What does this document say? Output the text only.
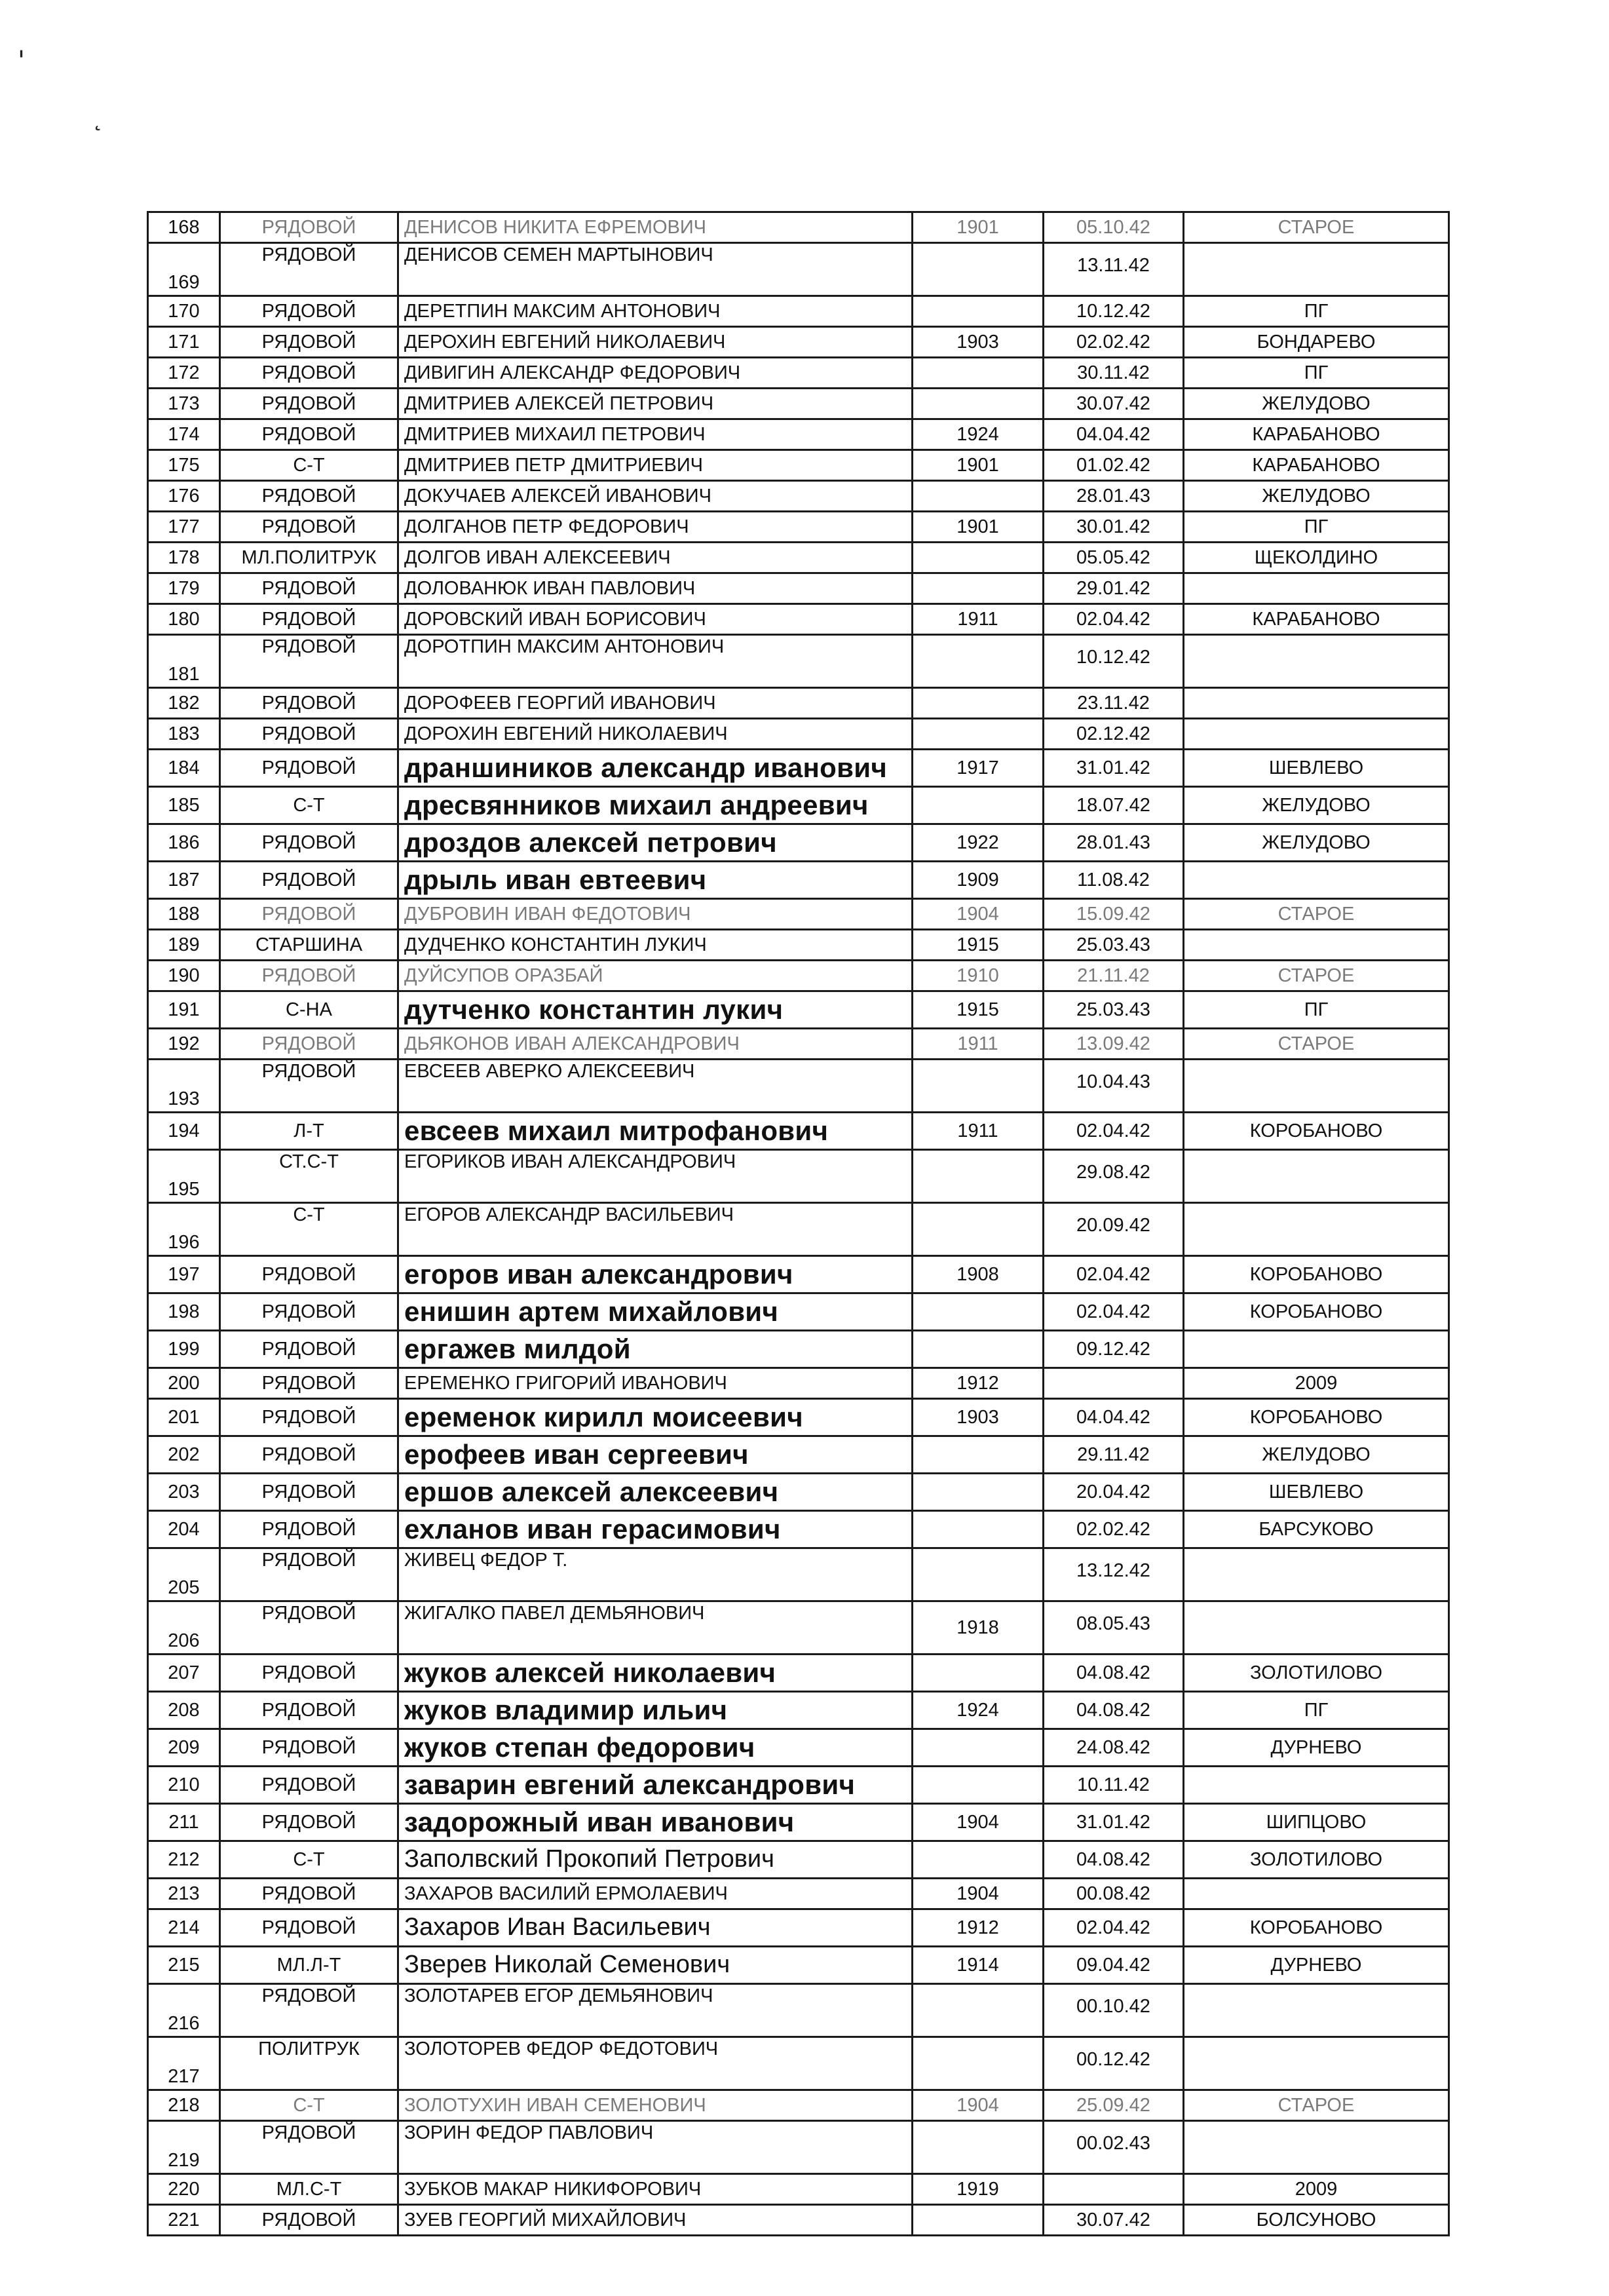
'
˛
168	РЯДОВОЙ	ДЕНИСОВ НИКИТА ЕФРЕМОВИЧ	1901	05.10.42	СТАРОЕ
169	РЯДОВОЙ	ДЕНИСОВ СЕМЕН МАРТЫНОВИЧ		13.11.42	
170	РЯДОВОЙ	ДЕРЕТПИН МАКСИМ АНТОНОВИЧ		10.12.42	ПГ
171	РЯДОВОЙ	ДЕРОХИН ЕВГЕНИЙ НИКОЛАЕВИЧ	1903	02.02.42	БОНДАРЕВО
172	РЯДОВОЙ	ДИВИГИН АЛЕКСАНДР ФЕДОРОВИЧ		30.11.42	ПГ
173	РЯДОВОЙ	ДМИТРИЕВ АЛЕКСЕЙ ПЕТРОВИЧ		30.07.42	ЖЕЛУДОВО
174	РЯДОВОЙ	ДМИТРИЕВ МИХАИЛ ПЕТРОВИЧ	1924	04.04.42	КАРАБАНОВО
175	С-Т	ДМИТРИЕВ ПЕТР ДМИТРИЕВИЧ	1901	01.02.42	КАРАБАНОВО
176	РЯДОВОЙ	ДОКУЧАЕВ АЛЕКСЕЙ ИВАНОВИЧ		28.01.43	ЖЕЛУДОВО
177	РЯДОВОЙ	ДОЛГАНОВ ПЕТР ФЕДОРОВИЧ	1901	30.01.42	ПГ
178	МЛ.ПОЛИТРУК	ДОЛГОВ ИВАН АЛЕКСЕЕВИЧ		05.05.42	ЩЕКОЛДИНО
179	РЯДОВОЙ	ДОЛОВАНЮК ИВАН ПАВЛОВИЧ		29.01.42	
180	РЯДОВОЙ	ДОРОВСКИЙ ИВАН БОРИСОВИЧ	1911	02.04.42	КАРАБАНОВО
181	РЯДОВОЙ	ДОРОТПИН МАКСИМ АНТОНОВИЧ		10.12.42	
182	РЯДОВОЙ	ДОРОФЕЕВ ГЕОРГИЙ ИВАНОВИЧ		23.11.42	
183	РЯДОВОЙ	ДОРОХИН ЕВГЕНИЙ НИКОЛАЕВИЧ		02.12.42	
184	РЯДОВОЙ	драншиников александр иванович	1917	31.01.42	ШЕВЛЕВО
185	С-Т	дресвянников михаил андреевич		18.07.42	ЖЕЛУДОВО
186	РЯДОВОЙ	дроздов алексей петрович	1922	28.01.43	ЖЕЛУДОВО
187	РЯДОВОЙ	дрыль иван евтеевич	1909	11.08.42	
188	РЯДОВОЙ	ДУБРОВИН ИВАН ФЕДОТОВИЧ	1904	15.09.42	СТАРОЕ
189	СТАРШИНА	ДУДЧЕНКО КОНСТАНТИН ЛУКИЧ	1915	25.03.43	
190	РЯДОВОЙ	ДУЙСУПОВ ОРАЗБАЙ	1910	21.11.42	СТАРОЕ
191	С-НА	дутченко константин лукич	1915	25.03.43	ПГ
192	РЯДОВОЙ	ДЬЯКОНОВ ИВАН АЛЕКСАНДРОВИЧ	1911	13.09.42	СТАРОЕ
193	РЯДОВОЙ	ЕВСЕЕВ АВЕРКО АЛЕКСЕЕВИЧ		10.04.43	
194	Л-Т	евсеев михаил митрофанович	1911	02.04.42	КОРОБАНОВО
195	СТ.С-Т	ЕГОРИКОВ ИВАН АЛЕКСАНДРОВИЧ		29.08.42	
196	С-Т	ЕГОРОВ АЛЕКСАНДР ВАСИЛЬЕВИЧ		20.09.42	
197	РЯДОВОЙ	егоров иван александрович	1908	02.04.42	КОРОБАНОВО
198	РЯДОВОЙ	енишин артем михайлович		02.04.42	КОРОБАНОВО
199	РЯДОВОЙ	ергажев милдой		09.12.42	
200	РЯДОВОЙ	ЕРЕМЕНКО ГРИГОРИЙ ИВАНОВИЧ	1912		2009
201	РЯДОВОЙ	еременок кирилл моисеевич	1903	04.04.42	КОРОБАНОВО
202	РЯДОВОЙ	ерофеев иван сергеевич		29.11.42	ЖЕЛУДОВО
203	РЯДОВОЙ	ершов алексей алексеевич		20.04.42	ШЕВЛЕВО
204	РЯДОВОЙ	ехланов иван герасимович		02.02.42	БАРСУКОВО
205	РЯДОВОЙ	ЖИВЕЦ ФЕДОР Т.		13.12.42	
206	РЯДОВОЙ	ЖИГАЛКО ПАВЕЛ ДЕМЬЯНОВИЧ	1918	08.05.43	
207	РЯДОВОЙ	жуков алексей николаевич		04.08.42	ЗОЛОТИЛОВО
208	РЯДОВОЙ	жуков владимир ильич	1924	04.08.42	ПГ
209	РЯДОВОЙ	жуков степан федорович		24.08.42	ДУРНЕВО
210	РЯДОВОЙ	заварин евгений александрович		10.11.42	
211	РЯДОВОЙ	задорожный иван иванович	1904	31.01.42	ШИПЦОВО
212	С-Т	Заполвский Прокопий Петрович		04.08.42	ЗОЛОТИЛОВО
213	РЯДОВОЙ	ЗАХАРОВ ВАСИЛИЙ ЕРМОЛАЕВИЧ	1904	00.08.42	
214	РЯДОВОЙ	Захаров Иван Васильевич	1912	02.04.42	КОРОБАНОВО
215	МЛ.Л-Т	Зверев Николай Семенович	1914	09.04.42	ДУРНЕВО
216	РЯДОВОЙ	ЗОЛОТАРЕВ ЕГОР ДЕМЬЯНОВИЧ		00.10.42	
217	ПОЛИТРУК	ЗОЛОТОРЕВ ФЕДОР ФЕДОТОВИЧ		00.12.42	
218	С-Т	ЗОЛОТУХИН ИВАН СЕМЕНОВИЧ	1904	25.09.42	СТАРОЕ
219	РЯДОВОЙ	ЗОРИН ФЕДОР ПАВЛОВИЧ		00.02.43	
220	МЛ.С-Т	ЗУБКОВ МАКАР НИКИФОРОВИЧ	1919		2009
221	РЯДОВОЙ	ЗУЕВ ГЕОРГИЙ МИХАЙЛОВИЧ		30.07.42	БОЛСУНОВО
